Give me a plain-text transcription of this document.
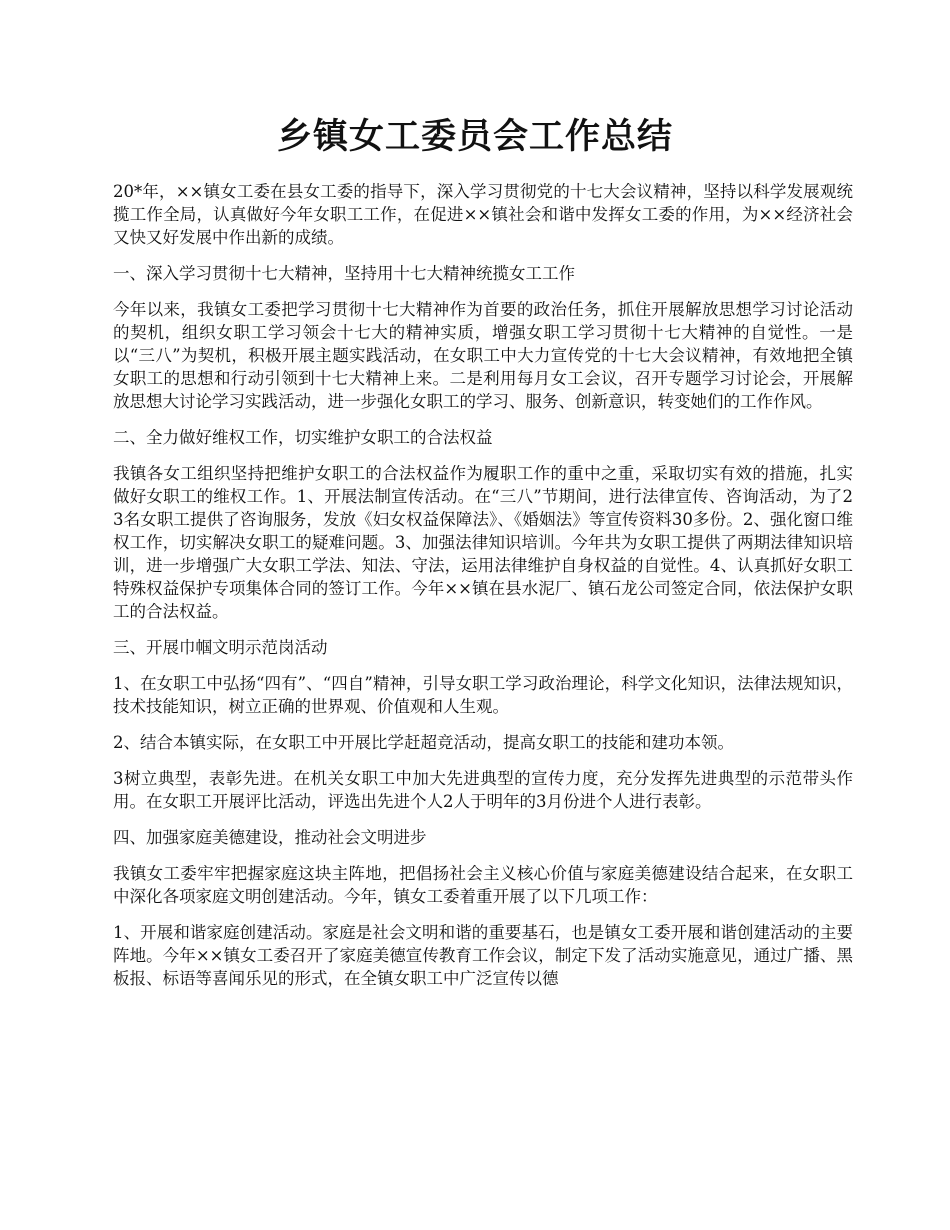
乡镇女工委员会工作总结

20*年，××镇女工委在县女工委的指导下，深入学习贯彻党的十七大会议精神，坚持以科学发展观统揽工作全局，认真做好今年女职工工作，在促进××镇社会和谐中发挥女工委的作用，为××经济社会又快又好发展中作出新的成绩。

一、深入学习贯彻十七大精神，坚持用十七大精神统揽女工工作

今年以来，我镇女工委把学习贯彻十七大精神作为首要的政治任务，抓住开展解放思想学习讨论活动的契机，组织女职工学习领会十七大的精神实质，增强女职工学习贯彻十七大精神的自觉性。一是以“三八”为契机，积极开展主题实践活动，在女职工中大力宣传党的十七大会议精神，有效地把全镇女职工的思想和行动引领到十七大精神上来。二是利用每月女工会议，召开专题学习讨论会，开展解放思想大讨论学习实践活动，进一步强化女职工的学习、服务、创新意识，转变她们的工作作风。

二、全力做好维权工作，切实维护女职工的合法权益

我镇各女工组织坚持把维护女职工的合法权益作为履职工作的重中之重，采取切实有效的措施，扎实做好女职工的维权工作。1、开展法制宣传活动。在“三八”节期间，进行法律宣传、咨询活动，为了23名女职工提供了咨询服务，发放《妇女权益保障法》、《婚姻法》等宣传资料30多份。2、强化窗口维权工作，切实解决女职工的疑难问题。3、加强法律知识培训。今年共为女职工提供了两期法律知识培训，进一步增强广大女职工学法、知法、守法，运用法律维护自身权益的自觉性。4、认真抓好女职工特殊权益保护专项集体合同的签订工作。今年××镇在县水泥厂、镇石龙公司签定合同，依法保护女职工的合法权益。

三、开展巾帼文明示范岗活动

1、在女职工中弘扬“四有”、“四自”精神，引导女职工学习政治理论，科学文化知识，法律法规知识，技术技能知识，树立正确的世界观、价值观和人生观。

2、结合本镇实际，在女职工中开展比学赶超竞活动，提高女职工的技能和建功本领。

3树立典型，表彰先进。在机关女职工中加大先进典型的宣传力度，充分发挥先进典型的示范带头作用。在女职工开展评比活动，评选出先进个人2人于明年的3月份进个人进行表彰。

四、加强家庭美德建设，推动社会文明进步

我镇女工委牢牢把握家庭这块主阵地，把倡扬社会主义核心价值与家庭美德建设结合起来，在女职工中深化各项家庭文明创建活动。今年，镇女工委着重开展了以下几项工作：

1、开展和谐家庭创建活动。家庭是社会文明和谐的重要基石，也是镇女工委开展和谐创建活动的主要阵地。今年××镇女工委召开了家庭美德宣传教育工作会议，制定下发了活动实施意见，通过广播、黑板报、标语等喜闻乐见的形式，在全镇女职工中广泛宣传以德
